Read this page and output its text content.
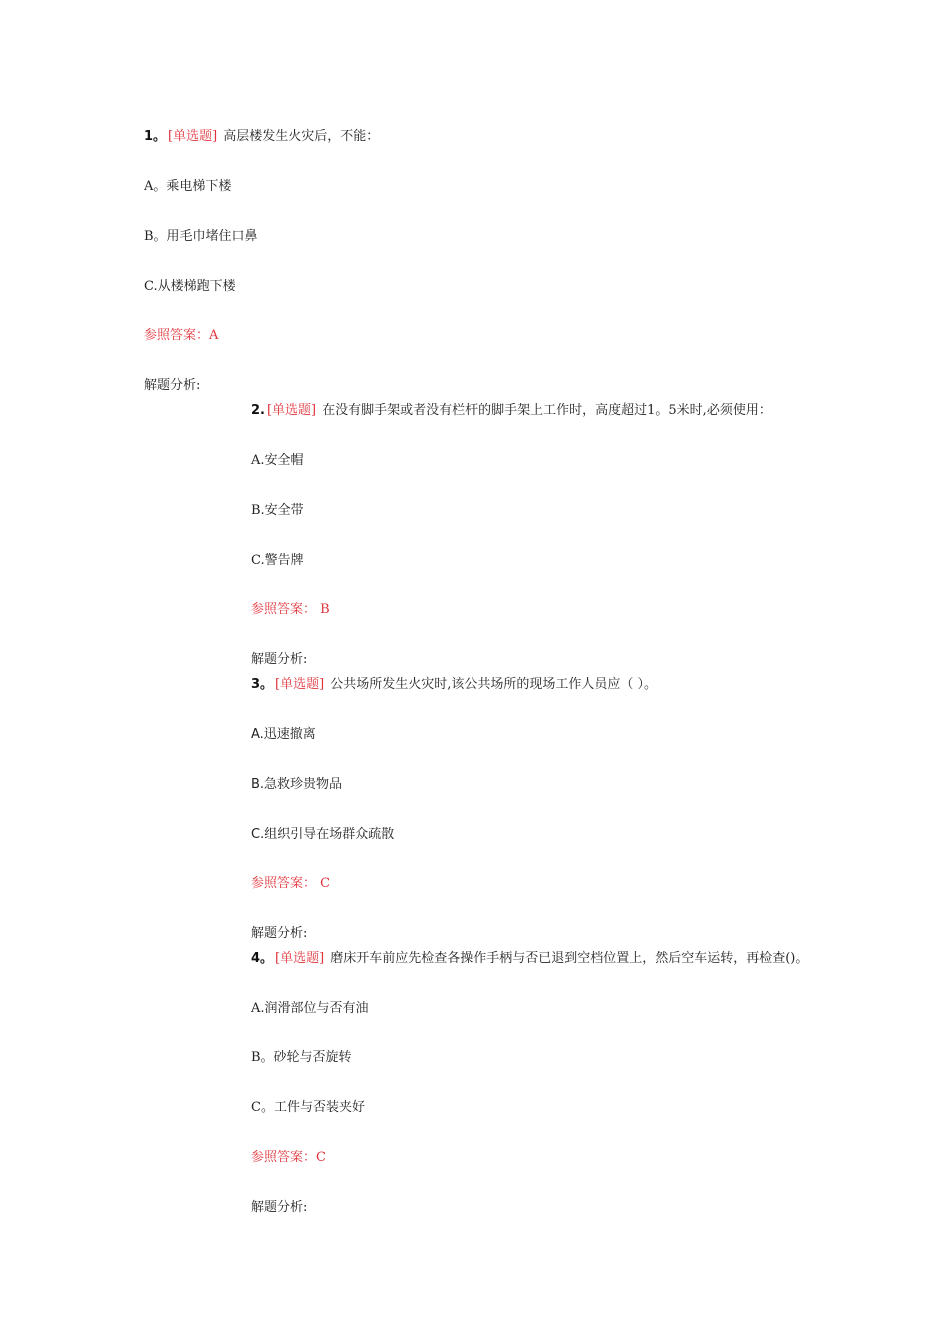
1。 [单选题] 高层楼发生火灾后，不能：
A。乘电梯下楼
B。用毛巾堵住口鼻
C.从楼梯跑下楼
参照答案：A
解题分析:
2. [单选题] 在没有脚手架或者没有栏杆的脚手架上工作时，高度超过1。5米时,必须使用：
A.安全帽
B.安全带
C.警告牌
参照答案： B
解题分析:
3。 [单选题] 公共场所发生火灾时,该公共场所的现场工作人员应（ ）。
A.迅速撤离
B.急救珍贵物品
C.组织引导在场群众疏散
参照答案： C
解题分析:
4。 [单选题] 磨床开车前应先检查各操作手柄与否已退到空档位置上，然后空车运转，再检查()。
A.润滑部位与否有油
B。砂轮与否旋转
C。工件与否装夹好
参照答案：C
解题分析:
